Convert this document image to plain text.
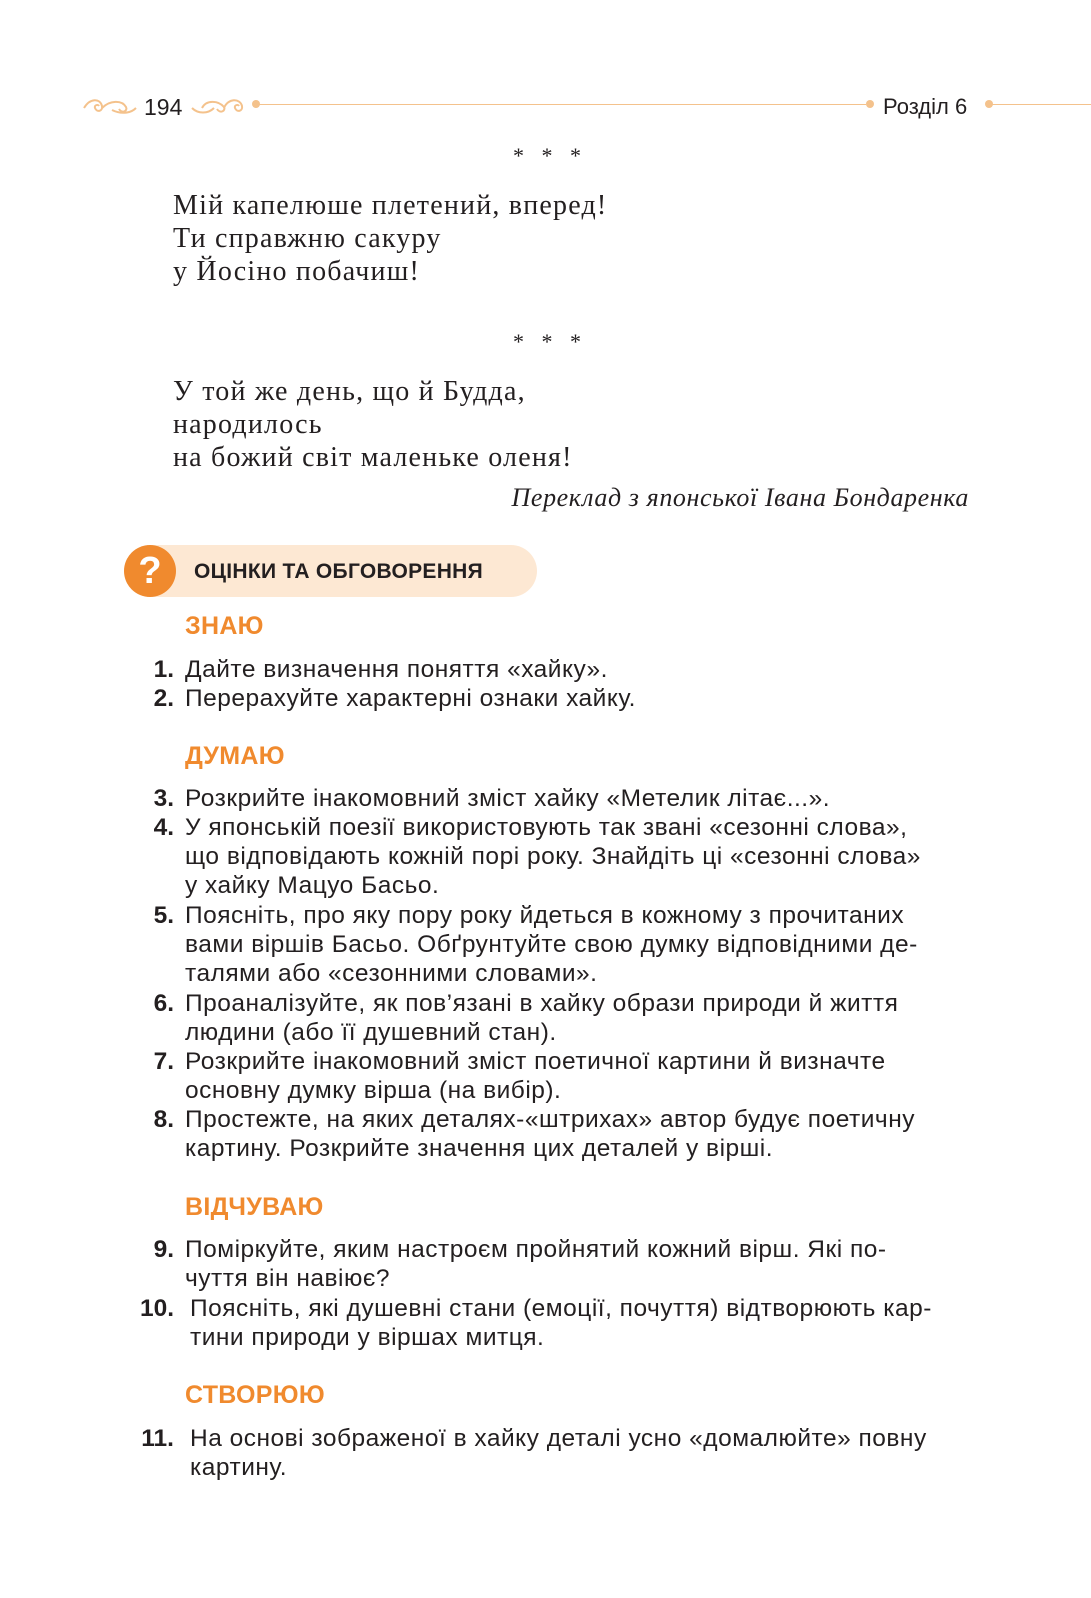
194	Розділ 6
* * *
Мій капелюше плетений, вперед!
Ти справжню сакуру
у Йосіно побачиш!
* * *
У той же день, що й Будда,
народилось
на божий світ маленьке оленя!
Переклад з японської Івана Бондаренка
ОЦІНКИ ТА ОБГОВОРЕННЯ
?
ЗНАЮ
1. Дайте визначення поняття «хайку».
2. Перерахуйте характерні ознаки хайку.
ДУМАЮ
3. Розкрийте інакомовний зміст хайку «Метелик літає...».
4. У японській поезії використовують так звані «сезонні слова»,
що відповідають кожній порі року. Знайдіть ці «сезонні слова»
у хайку Мацуо Басьо.
5. Поясніть, про яку пору року йдеться в кожному з прочитаних
вами віршів Басьо. Обґрунтуйте свою думку відповідними де-
талями або «сезонними словами».
6. Проаналізуйте, як пов’язані в хайку образи природи й життя
людини (або її душевний стан).
7. Розкрийте інакомовний зміст поетичної картини й визначте
основну думку вірша (на вибір).
8. Простежте, на яких деталях-«штрихах» автор будує поетичну
картину. Розкрийте значення цих деталей у вірші.
ВІДЧУВАЮ
9. Поміркуйте, яким настроєм пройнятий кожний вірш. Які по-
чуття він навіює?
10. Поясніть, які душевні стани (емоції, почуття) відтворюють кар-
тини природи у віршах митця.
СТВОРЮЮ
11. На основі зображеної в хайку деталі усно «домалюйте» повну
картину.
